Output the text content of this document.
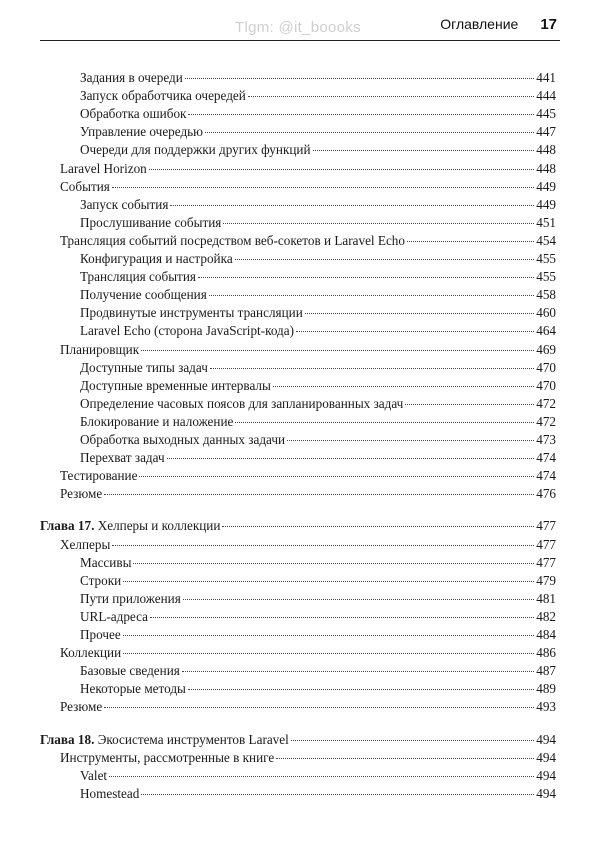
Tlgm: @it_boooks	Оглавление 17
Задания в очереди	441
Запуск обработчика очередей	444
Обработка ошибок	445
Управление очередью	447
Очереди для поддержки других функций	448
Laravel Horizon	448
События	449
Запуск события	449
Прослушивание события	451
Трансляция событий посредством веб-сокетов и Laravel Echo	454
Конфигурация и настройка	455
Трансляция события	455
Получение сообщения	458
Продвинутые инструменты трансляции	460
Laravel Echo (сторона JavaScript-кода)	464
Планировщик	469
Доступные типы задач	470
Доступные временные интервалы	470
Определение часовых поясов для запланированных задач	472
Блокирование и наложение	472
Обработка выходных данных задачи	473
Перехват задач	474
Тестирование	474
Резюме	476
Глава 17. Хелперы и коллекции	477
Хелперы	477
Массивы	477
Строки	479
Пути приложения	481
URL-адреса	482
Прочее	484
Коллекции	486
Базовые сведения	487
Некоторые методы	489
Резюме	493
Глава 18. Экосистема инструментов Laravel	494
Инструменты, рассмотренные в книге	494
Valet	494
Homestead	494
